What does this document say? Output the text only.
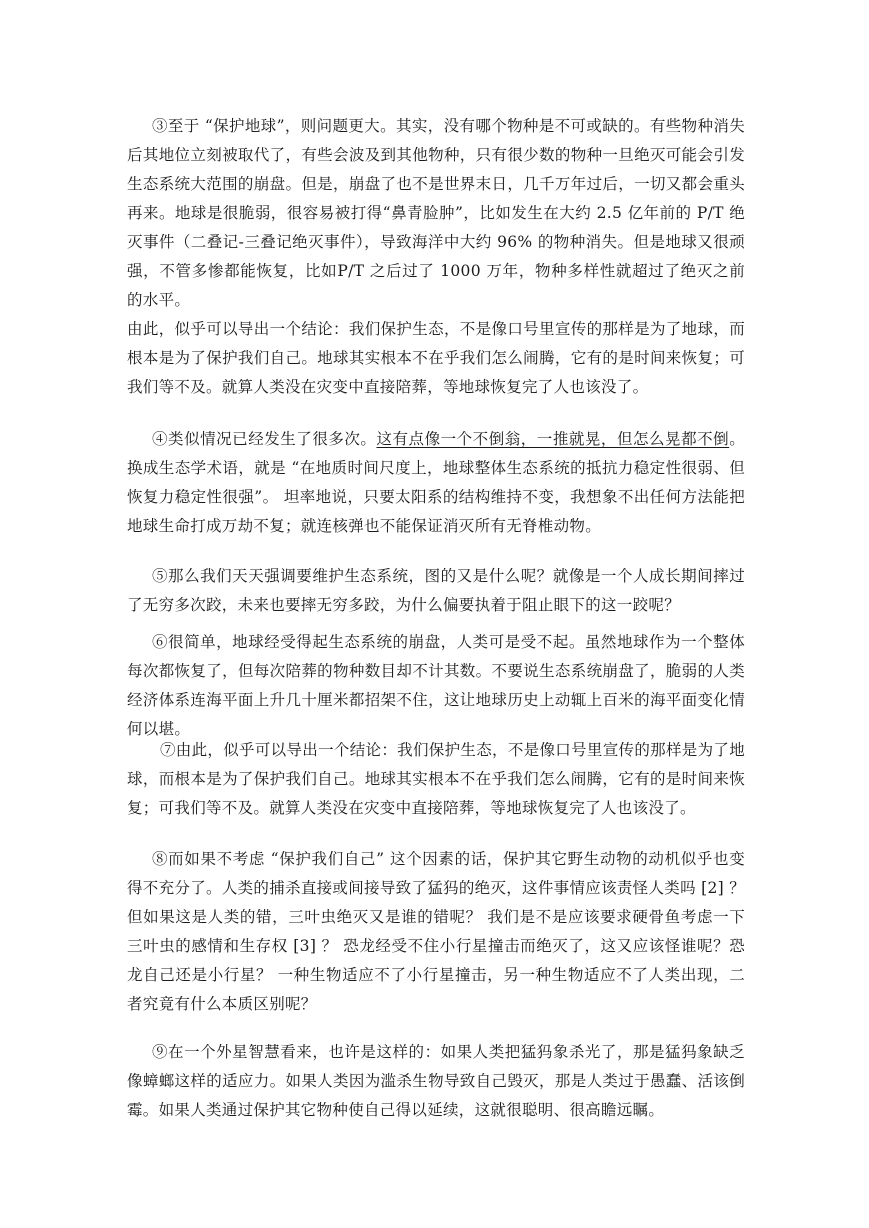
③至于 “保护地球”，则问题更大。其实，没有哪个物种是不可或缺的。有些物种消失后其地位立刻被取代了，有些会波及到其他物种，只有很少数的物种一旦绝灭可能会引发生态系统大范围的崩盘。但是，崩盘了也不是世界末日，几千万年过后，一切又都会重头再来。地球是很脆弱，很容易被打得“鼻青脸肿”，比如发生在大约 2.5 亿年前的 P/T 绝灭事件（二叠记-三叠记绝灭事件），导致海洋中大约 96% 的物种消失。但是地球又很顽强，不管多惨都能恢复，比如P/T 之后过了 1000 万年，物种多样性就超过了绝灭之前的水平。

由此，似乎可以导出一个结论：我们保护生态，不是像口号里宣传的那样是为了地球，而根本是为了保护我们自己。地球其实根本不在乎我们怎么闹腾，它有的是时间来恢复；可我们等不及。就算人类没在灾变中直接陪葬，等地球恢复完了人也该没了。

④类似情况已经发生了很多次。这有点像一个不倒翁，一推就晃，但怎么晃都不倒。换成生态学术语，就是 “在地质时间尺度上，地球整体生态系统的抵抗力稳定性很弱、但恢复力稳定性很强”。 坦率地说，只要太阳系的结构维持不变，我想象不出任何方法能把地球生命打成万劫不复；就连核弹也不能保证消灭所有无脊椎动物。

⑤那么我们天天强调要维护生态系统，图的又是什么呢？就像是一个人成长期间摔过了无穷多次跤，未来也要摔无穷多跤，为什么偏要执着于阻止眼下的这一跤呢？

⑥很简单，地球经受得起生态系统的崩盘，人类可是受不起。虽然地球作为一个整体每次都恢复了，但每次陪葬的物种数目却不计其数。不要说生态系统崩盘了，脆弱的人类经济体系连海平面上升几十厘米都招架不住，这让地球历史上动辄上百米的海平面变化情何以堪。

⑦由此，似乎可以导出一个结论：我们保护生态，不是像口号里宣传的那样是为了地球，而根本是为了保护我们自己。地球其实根本不在乎我们怎么闹腾，它有的是时间来恢复；可我们等不及。就算人类没在灾变中直接陪葬，等地球恢复完了人也该没了。

⑧而如果不考虑 “保护我们自己” 这个因素的话，保护其它野生动物的动机似乎也变得不充分了。人类的捕杀直接或间接导致了猛犸的绝灭，这件事情应该责怪人类吗 [2] ？ 但如果这是人类的错，三叶虫绝灭又是谁的错呢？ 我们是不是应该要求硬骨鱼考虑一下三叶虫的感情和生存权 [3] ？ 恐龙经受不住小行星撞击而绝灭了，这又应该怪谁呢？恐龙自己还是小行星？ 一种生物适应不了小行星撞击，另一种生物适应不了人类出现，二者究竟有什么本质区别呢？

⑨在一个外星智慧看来，也许是这样的：如果人类把猛犸象杀光了，那是猛犸象缺乏像蟑螂这样的适应力。如果人类因为滥杀生物导致自己毁灭，那是人类过于愚蠢、活该倒霉。如果人类通过保护其它物种使自己得以延续，这就很聪明、很高瞻远瞩。
